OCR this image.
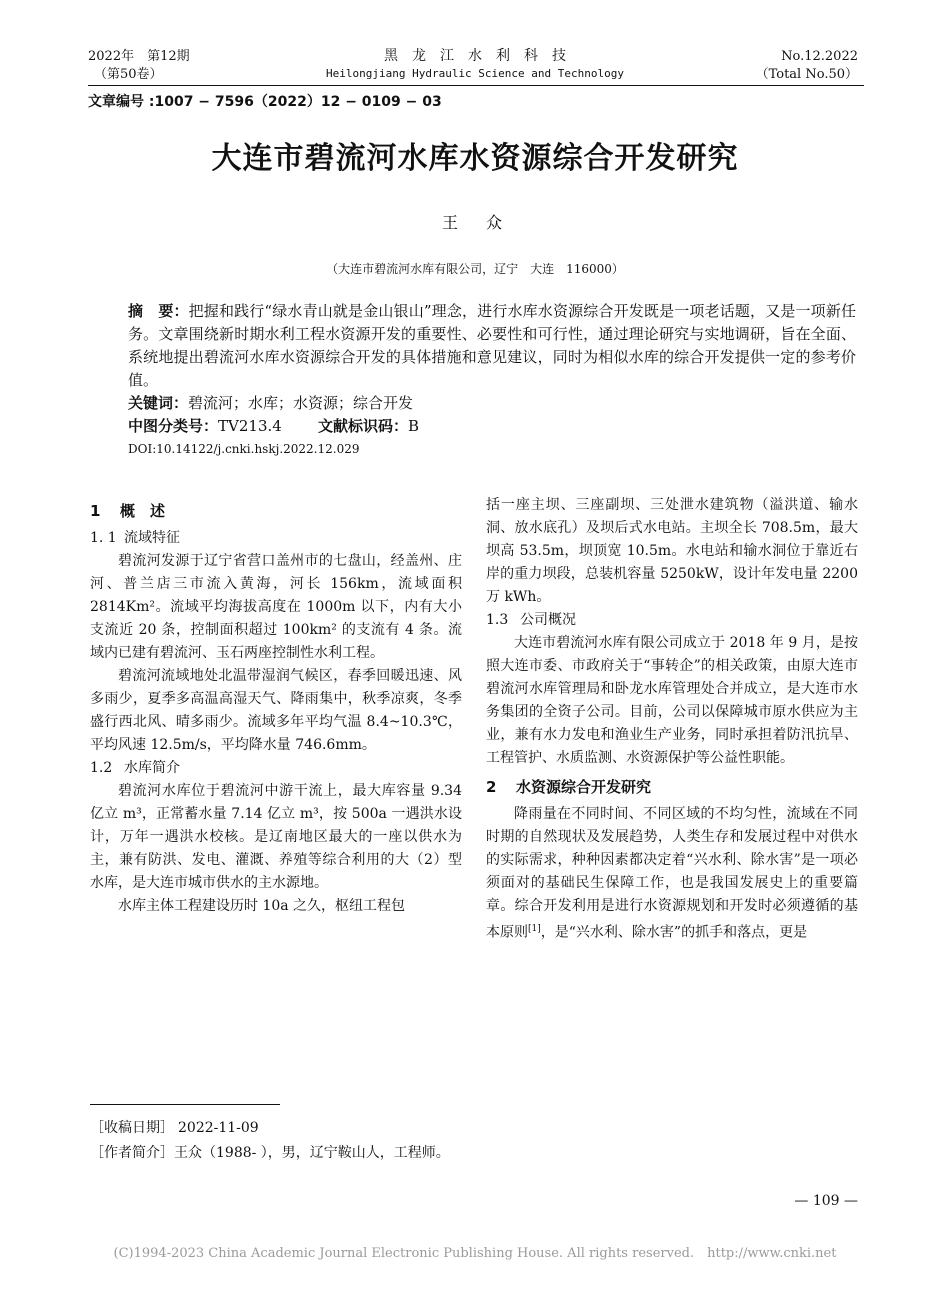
2022年　第12期
（第50卷）
黑　龙　江　水　利　科　技
Heilongjiang Hydraulic Science and Technology
No.12.2022
（Total No.50）
文章编号 :1007 − 7596（2022）12 − 0109 − 03
大连市碧流河水库水资源综合开发研究
王　众
（大连市碧流河水库有限公司，辽宁　大连　116000）
摘　要：把握和践行“绿水青山就是金山银山”理念，进行水库水资源综合开发既是一项老话题，又是一项新任务。文章围绕新时期水利工程水资源开发的重要性、必要性和可行性，通过理论研究与实地调研，旨在全面、系统地提出碧流河水库水资源综合开发的具体措施和意见建议，同时为相似水库的综合开发提供一定的参考价值。
关键词：碧流河；水库；水资源；综合开发
中图分类号：TV213.4 文献标识码：B
DOI:10.14122/j.cnki.hskj.2022.12.029
1 概　述
1. 1 流域特征

碧流河发源于辽宁省营口盖州市的七盘山，经盖州、庄河、普兰店三市流入黄海，河长 156km，流域面积 2814Km²。流域平均海拔高度在 1000m 以下，内有大小支流近 20 条，控制面积超过 100km² 的支流有 4 条。流域内已建有碧流河、玉石两座控制性水利工程。

碧流河流域地处北温带湿润气候区，春季回暖迅速、风多雨少，夏季多高温高湿天气、降雨集中，秋季凉爽，冬季盛行西北风、晴多雨少。流域多年平均气温 8.4~10.3℃，平均风速 12.5m/s，平均降水量 746.6mm。

1.2 水库简介

碧流河水库位于碧流河中游干流上，最大库容量 9.34 亿立 m³，正常蓄水量 7.14 亿立 m³，按 500a 一遇洪水设计，万年一遇洪水校核。是辽南地区最大的一座以供水为主，兼有防洪、发电、灌溉、养殖等综合利用的大（2）型水库，是大连市城市供水的主水源地。

水库主体工程建设历时 10a 之久，枢纽工程包

括一座主坝、三座副坝、三处泄水建筑物（溢洪道、输水洞、放水底孔）及坝后式水电站。主坝全长 708.5m，最大坝高 53.5m，坝顶宽 10.5m。水电站和输水洞位于靠近右岸的重力坝段，总装机容量 5250kW，设计年发电量 2200 万 kWh。

1.3 公司概况

大连市碧流河水库有限公司成立于 2018 年 9 月，是按照大连市委、市政府关于“事转企”的相关政策，由原大连市碧流河水库管理局和卧龙水库管理处合并成立，是大连市水务集团的全资子公司。目前，公司以保障城市原水供应为主业，兼有水力发电和渔业生产业务，同时承担着防汛抗旱、工程管护、水质监测、水资源保护等公益性职能。

2 水资源综合开发研究

降雨量在不同时间、不同区域的不均匀性，流域在不同时期的自然现状及发展趋势，人类生存和发展过程中对供水的实际需求，种种因素都决定着“兴水利、除水害”是一项必须面对的基础民生保障工作，也是我国发展史上的重要篇章。综合开发利用是进行水资源规划和开发时必须遵循的基本原则[1]，是“兴水利、除水害”的抓手和落点，更是

［收稿日期］ 2022-11-09
［作者简介］王众（1988- ），男，辽宁鞍山人，工程师。
— 109 —
(C)1994-2023 China Academic Journal Electronic Publishing House. All rights reserved.　http://www.cnki.net
